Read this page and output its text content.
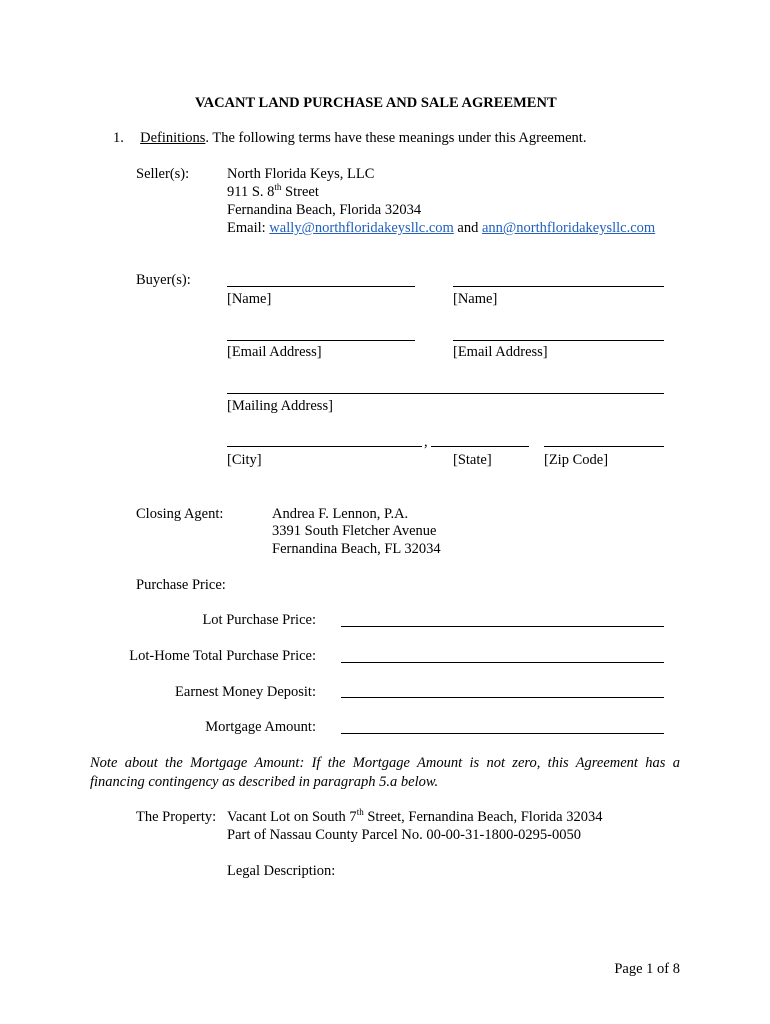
VACANT LAND PURCHASE AND SALE AGREEMENT
1. Definitions. The following terms have these meanings under this Agreement.
Seller(s):	North Florida Keys, LLC
911 S. 8th Street
Fernandina Beach, Florida 32034
Email: wally@northfloridakeysllc.com and ann@northfloridakeysllc.com
Buyer(s):
[Name]	[Name]
[Email Address]	[Email Address]
[Mailing Address]
,
[City]	[State]	[Zip Code]
Closing Agent:	Andrea F. Lennon, P.A.
3391 South Fletcher Avenue
Fernandina Beach, FL 32034
Purchase Price:
Lot Purchase Price:
Lot-Home Total Purchase Price:
Earnest Money Deposit:
Mortgage Amount:
Note about the Mortgage Amount: If the Mortgage Amount is not zero, this Agreement has a financing contingency as described in paragraph 5.a below.
The Property: Vacant Lot on South 7th Street, Fernandina Beach, Florida 32034
Part of Nassau County Parcel No. 00-00-31-1800-0295-0050
Legal Description:
Page 1 of 8
